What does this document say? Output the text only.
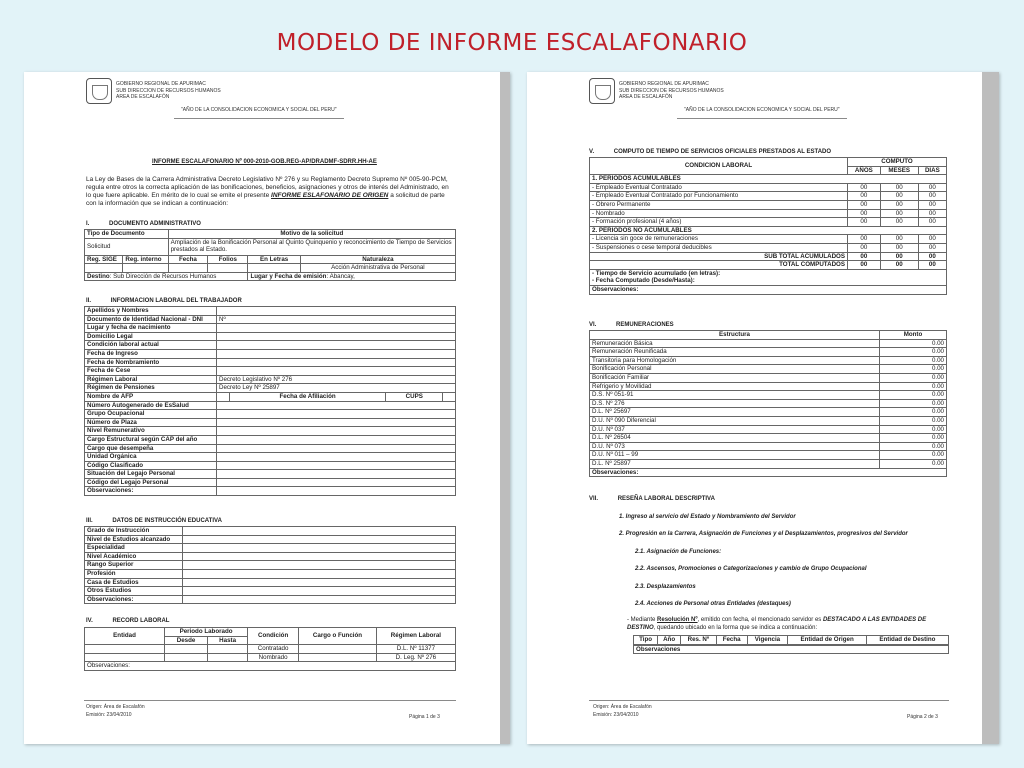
MODELO DE INFORME ESCALAFONARIO
GOBIERNO REGIONAL DE APURIMAC
SUB DIRECCION DE RECURSOS HUMANOS
AREA DE ESCALAFÓN
"AÑO DE LA CONSOLIDACION ECONOMICA Y SOCIAL DEL PERU"
INFORME ESCALAFONARIO Nº 000-2010-GOB.REG-AP/DRADMF-SDRR.HH-AE
La Ley de Bases de la Carrera Administrativa Decreto Legislativo Nº 276 y su Reglamento Decreto Supremo Nº 005-90-PCM, regula entre otros la correcta aplicación de las bonificaciones, beneficios, asignaciones y otros de interés del Administrado, en lo que fuere aplicable. En mérito de lo cual se emite el presente INFORME ESLAFONARIO DE ORIGEN a solicitud de parte con la información que se indican a continuación:
I.	DOCUMENTO ADMINISTRATIVO
Tipo de Documento		Motivo de la solicitud			
Solicitud		Ampliación de la Bonificación Personal al Quinto Quinquenio y reconocimiento de Tiempo de Servicios prestados al Estado.			
Reg. SIGE	Reg. interno	Fecha	Folios	En Letras	Naturaleza
					Acción Administrativa de Personal
Destino: Sub Dirección de Recursos Humanos				Lugar y Fecha de emisión: Abancay,	
II.	INFORMACION LABORAL DEL TRABAJADOR
Apellidos y Nombres				
Documento de Identidad Nacional - DNI	Nº			
Lugar y fecha de nacimiento				
Domicilio Legal				
Condición laboral actual				
Fecha de Ingreso				
Fecha de Nombramiento				
Fecha de Cese				
Régimen Laboral	Decreto Legislativo Nº 276			
Régimen de Pensiones	Decreto Ley Nº 25897			
Nombre de AFP		Fecha de Afiliación	CUPS	
Número Autogenerado de EsSalud				
Grupo Ocupacional				
Número de Plaza				
Nivel Remunerativo				
Cargo Estructural según CAP del año				
Cargo que desempeña				
Unidad Orgánica				
Código Clasificado				
Situación del Legajo Personal				
Código del Legajo Personal				
Observaciones:				
III.	DATOS DE INSTRUCCIÓN EDUCATIVA
Grado de Instrucción	
Nivel de Estudios alcanzado	
Especialidad	
Nivel Académico	
Rango Superior	
Profesión	
Casa de Estudios	
Otros Estudios	
Observaciones:	
IV.	RECORD LABORAL
Entidad	Periodo Laborado		Condición	Cargo o Función	Régimen Laboral
	Desde	Hasta			
			Contratado		D.L. Nº 11377
			Nombrado		D. Leg. Nº 276
Observaciones:					
Origen: Área de Escalafón
Emisión: 23/04/2010	Página 1 de 3
GOBIERNO REGIONAL DE APURIMAC
SUB DIRECCION DE RECURSOS HUMANOS
AREA DE ESCALAFÓN
"AÑO DE LA CONSOLIDACION ECONOMICA Y SOCIAL DEL PERU"
V.	COMPUTO DE TIEMPO DE SERVICIOS OFICIALES PRESTADOS AL ESTADO
CONDICION LABORAL	COMPUTO		
	AÑOS	MESES	DIAS
1. PERIODOS ACUMULABLES			
- Empleado Eventual Contratado	00	00	00
- Empleado Eventual Contratado por Funcionamiento	00	00	00
- Obrero Permanente	00	00	00
- Nombrado	00	00	00
- Formación profesional (4 años)	00	00	00
2. PERIODOS NO ACUMULABLES			
- Licencia sin goce de remuneraciones	00	00	00
- Suspensiones o cese temporal deducibles	00	00	00
SUB TOTAL ACUMULADOS	00	00	00
TOTAL COMPUTADOS	00	00	00
- Tiempo de Servicio acumulado (en letras):			
- Fecha Computado (Desde/Hasta):			
Observaciones:			
VI.	REMUNERACIONES
Estructura	Monto
Remuneración Básica	0.00
Remuneración Reunificada	0.00
Transitoria para Homologación	0.00
Bonificación Personal	0.00
Bonificación Familiar	0.00
Refrigerio y Movilidad	0.00
D.S. Nº 051-91	0.00
D.S. Nº 276	0.00
D.L. Nº 25697	0.00
D.U. Nº 090 Diferencial	0.00
D.U. Nº 037	0.00
D.L. Nº 26504	0.00
D.U. Nº 073	0.00
D.U. Nº 011 – 99	0.00
D.L. Nº 25897	0.00
Observaciones:	
VII.	RESEÑA LABORAL DESCRIPTIVA
1. Ingreso al servicio del Estado y Nombramiento del Servidor
2. Progresión en la Carrera, Asignación de Funciones y el Desplazamientos, progresivos del Servidor
2.1. Asignación de Funciones:
2.2. Ascensos, Promociones o Categorizaciones y cambio de Grupo Ocupacional
2.3. Desplazamientos
2.4. Acciones de Personal otras Entidades (destaques)
- Mediante Resolución Nº, emitido con fecha, el mencionado servidor es DESTACADO A LAS ENTIDADES DE DESTINO, quedando ubicado en la forma que se indica a continuación:
Tipo	Año	Res. Nº	Fecha	Vigencia	Entidad de Origen	Entidad de Destino

Observaciones						
Origen: Área de Escalafón
Emisión: 23/04/2010	Página 2 de 3
